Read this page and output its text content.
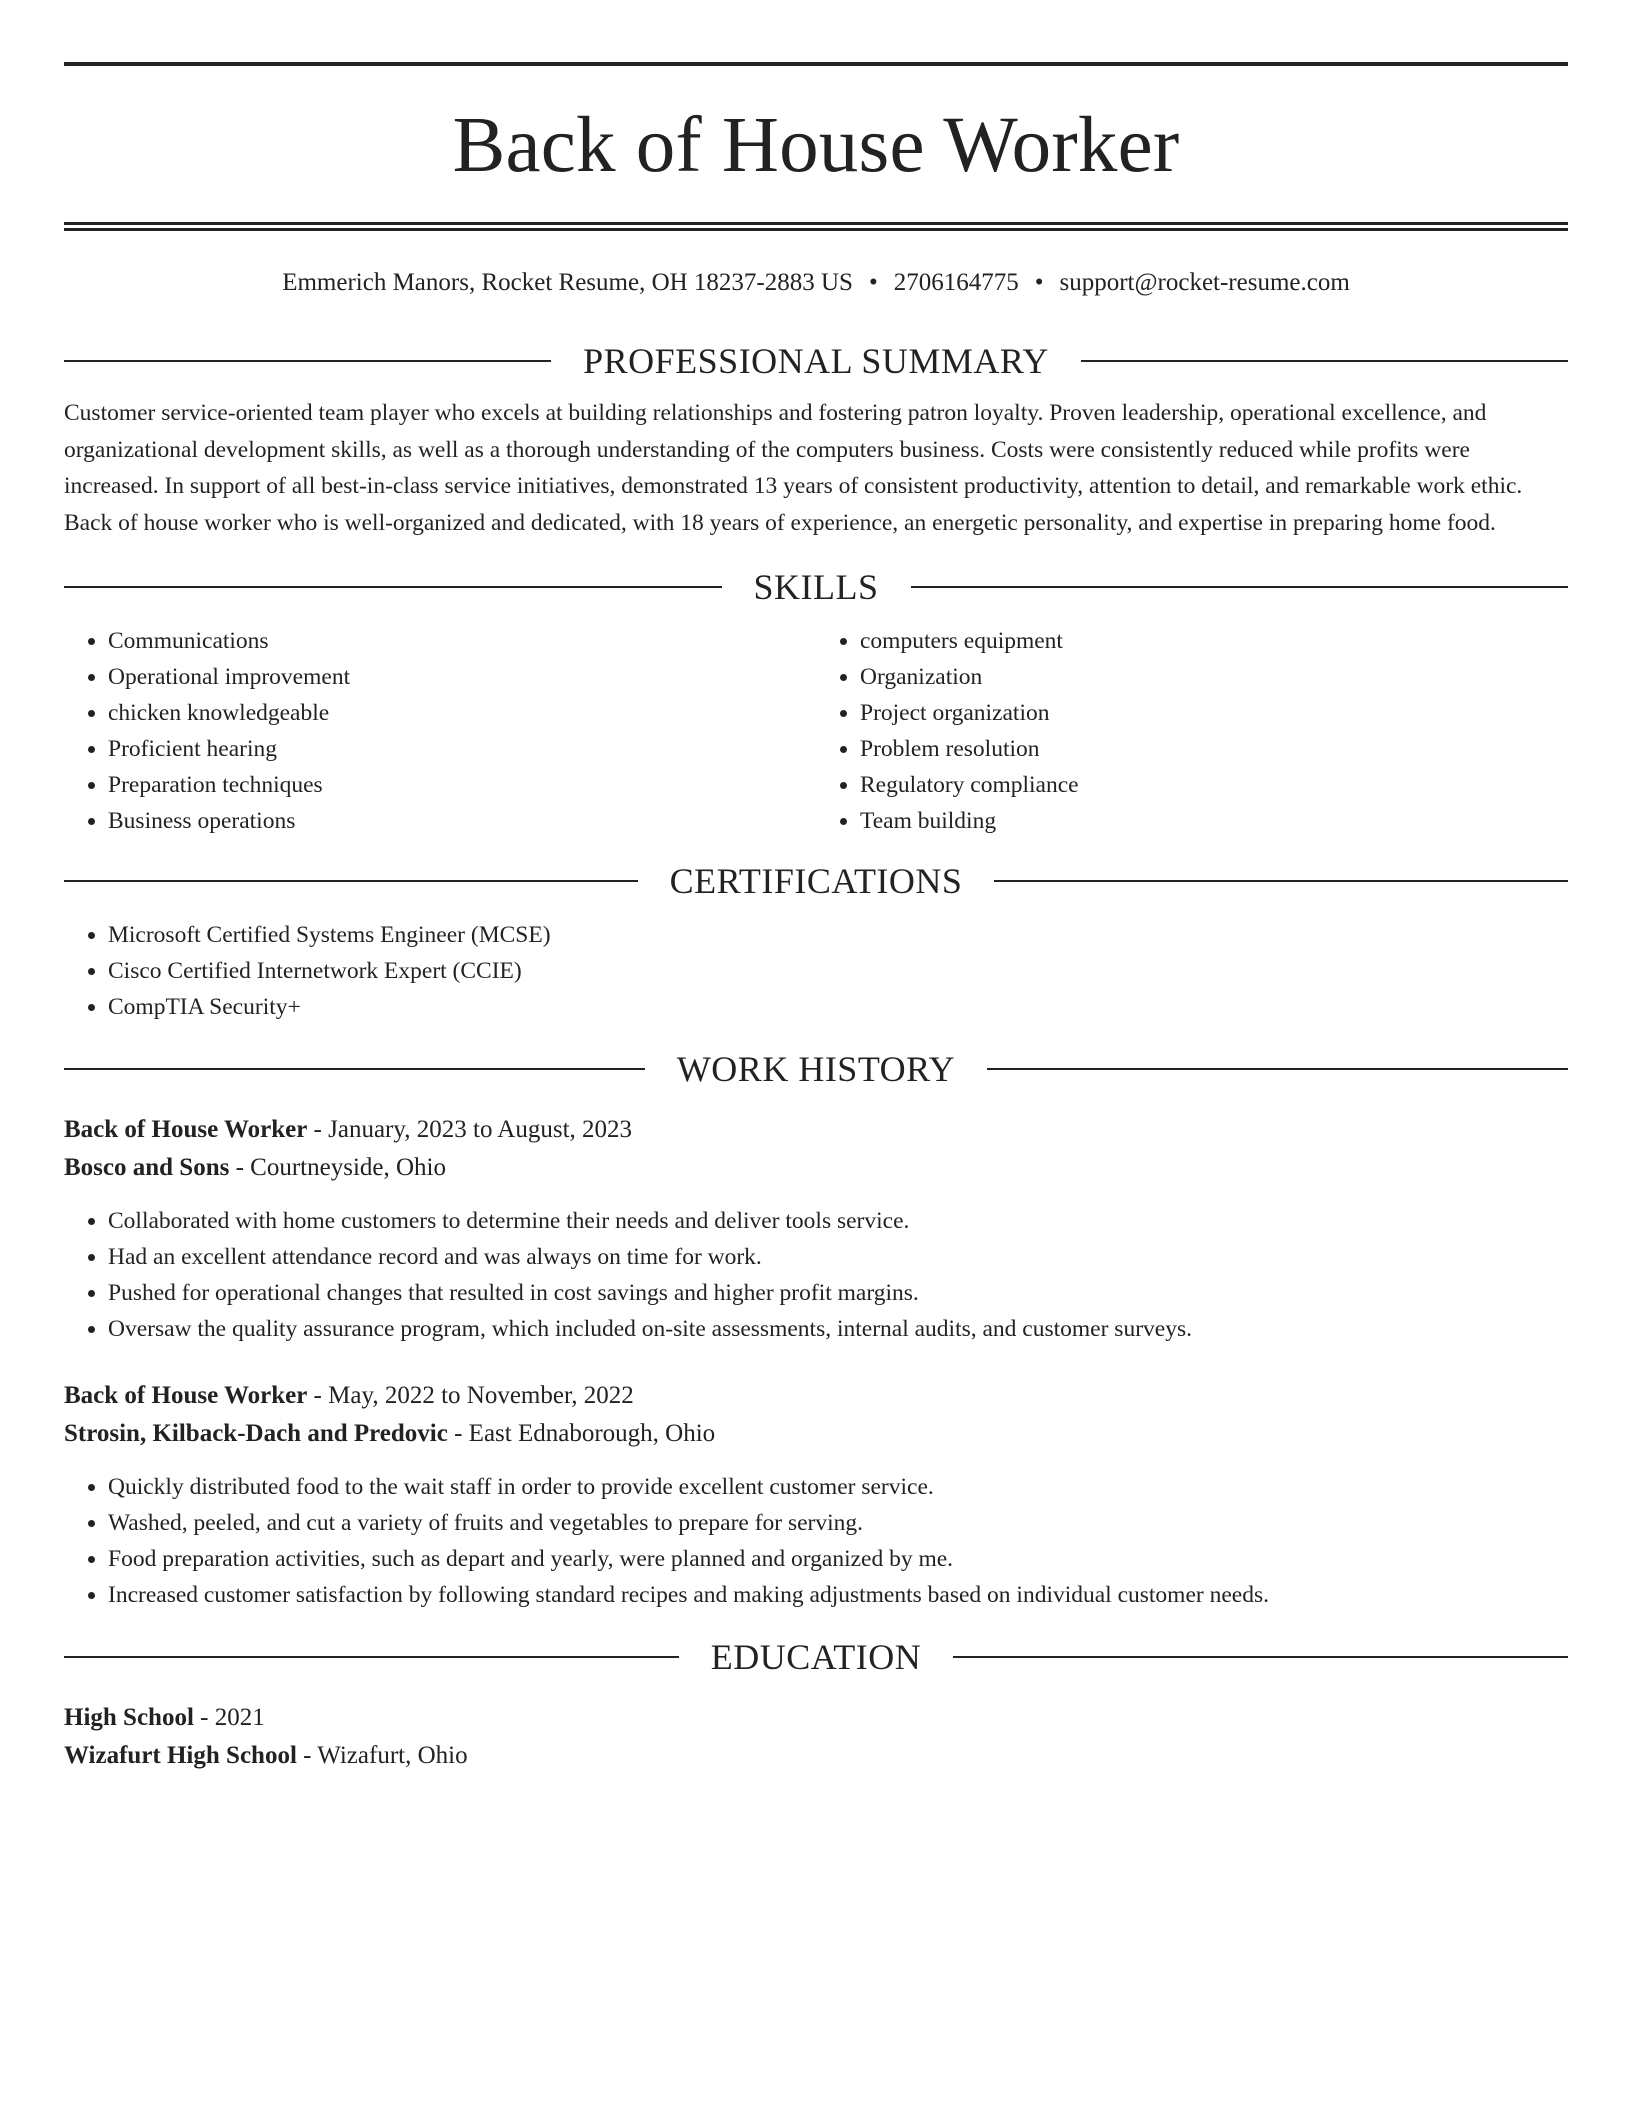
Back of House Worker
Emmerich Manors, Rocket Resume, OH 18237-2883 US • 2706164775 • support@rocket-resume.com
PROFESSIONAL SUMMARY

Customer service-oriented team player who excels at building relationships and fostering patron loyalty. Proven leadership, operational excellence, and organizational development skills, as well as a thorough understanding of the computers business. Costs were consistently reduced while profits were increased. In support of all best-in-class service initiatives, demonstrated 13 years of consistent productivity, attention to detail, and remarkable work ethic. Back of house worker who is well-organized and dedicated, with 18 years of experience, an energetic personality, and expertise in preparing home food.

SKILLS
• Communications
• Operational improvement
• chicken knowledgeable
• Proficient hearing
• Preparation techniques
• Business operations
• computers equipment
• Organization
• Project organization
• Problem resolution
• Regulatory compliance
• Team building
CERTIFICATIONS
• Microsoft Certified Systems Engineer (MCSE)
• Cisco Certified Internetwork Expert (CCIE)
• CompTIA Security+
WORK HISTORY
Back of House Worker - January, 2023 to August, 2023
Bosco and Sons - Courtneyside, Ohio
• Collaborated with home customers to determine their needs and deliver tools service.
• Had an excellent attendance record and was always on time for work.
• Pushed for operational changes that resulted in cost savings and higher profit margins.
• Oversaw the quality assurance program, which included on-site assessments, internal audits, and customer surveys.
Back of House Worker - May, 2022 to November, 2022
Strosin, Kilback-Dach and Predovic - East Ednaborough, Ohio
• Quickly distributed food to the wait staff in order to provide excellent customer service.
• Washed, peeled, and cut a variety of fruits and vegetables to prepare for serving.
• Food preparation activities, such as depart and yearly, were planned and organized by me.
• Increased customer satisfaction by following standard recipes and making adjustments based on individual customer needs.
EDUCATION
High School - 2021
Wizafurt High School - Wizafurt, Ohio
